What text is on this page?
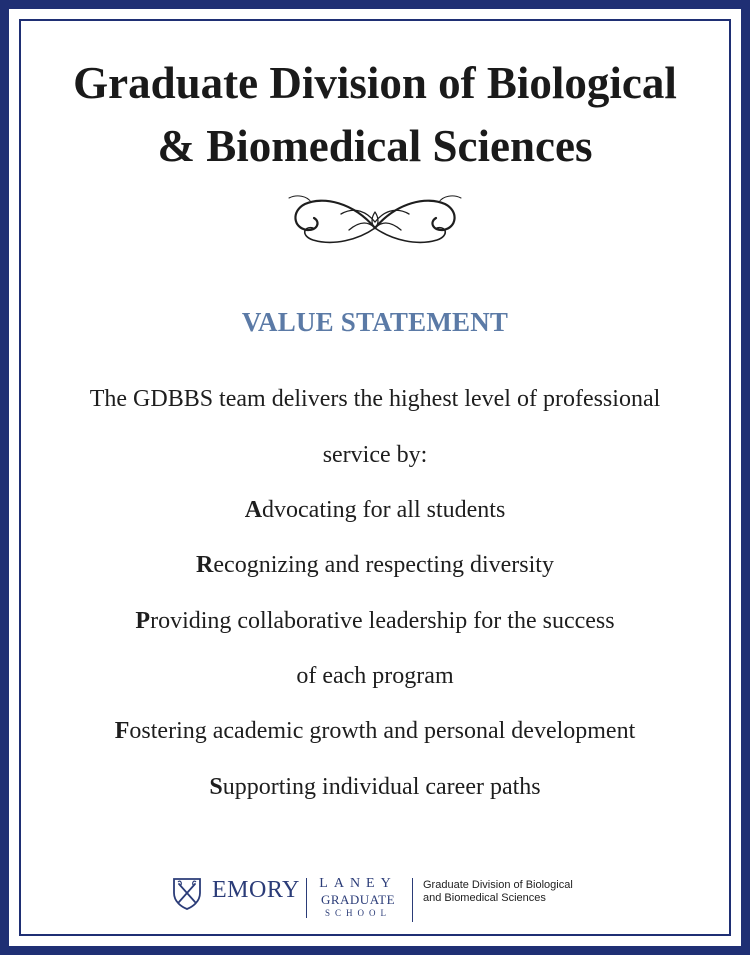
Graduate Division of Biological
& Biomedical Sciences
VALUE STATEMENT

The GDBBS team delivers the highest level of professional

service by:

Advocating for all students

Recognizing and respecting diversity

Providing collaborative leadership for the success

of each program

Fostering academic growth and personal development

Supporting individual career paths

EMORY	LANEY
GRADUATE
SCHOOL
Graduate Division of Biological
and Biomedical Sciences
